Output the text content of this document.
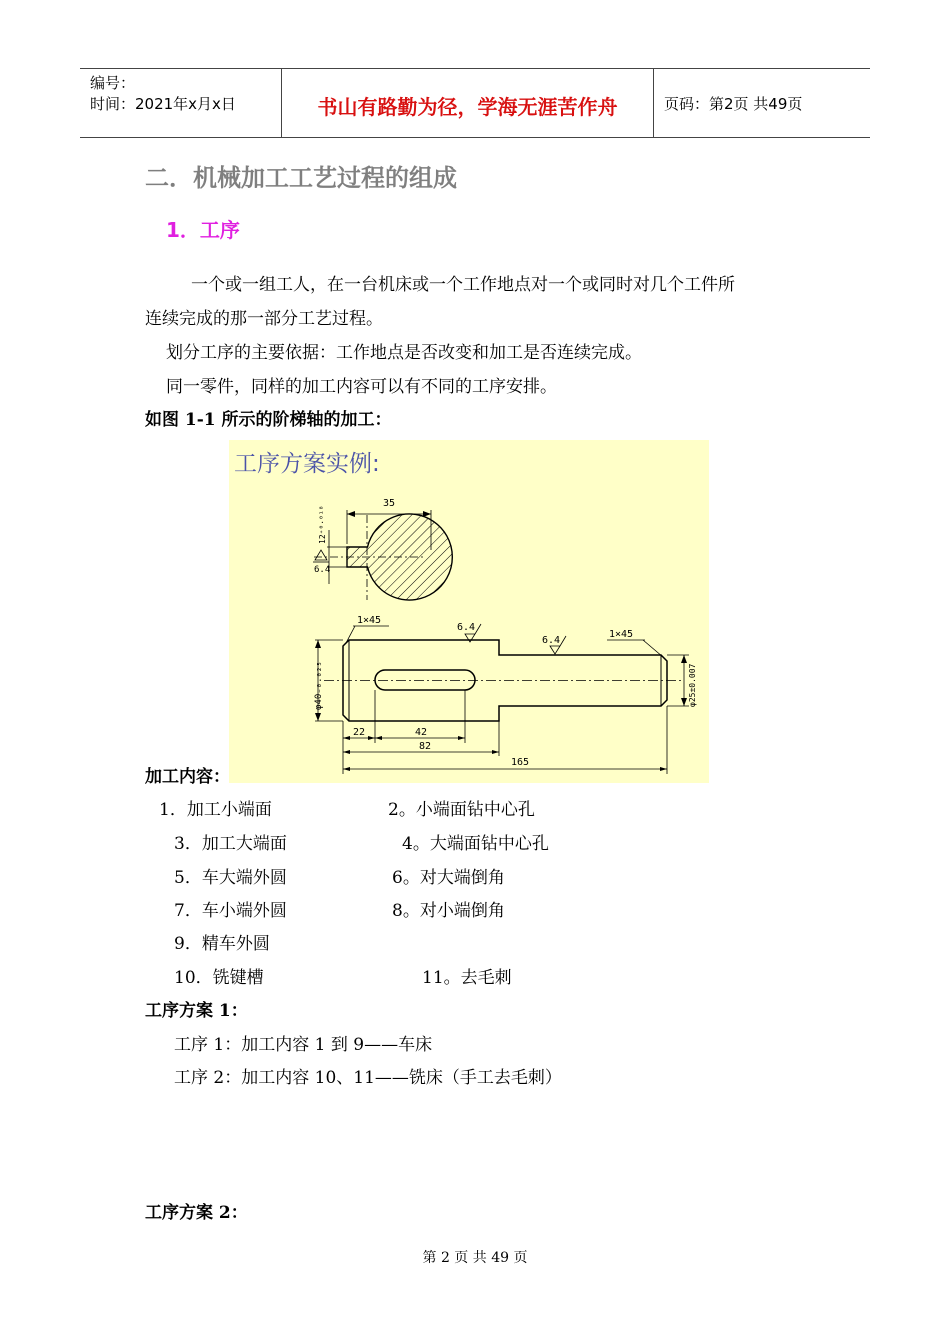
编号：
时间：2021年x月x日	书山有路勤为径，学海无涯苦作舟	页码：第2页 共49页
二．机械加工工艺过程的组成
1．工序
一个或一组工人，在一台机床或一个工作地点对一个或同时对几个工件所
连续完成的那一部分工艺过程。
划分工序的主要依据：工作地点是否改变和加工是否连续完成。
同一零件，同样的加工内容可以有不同的工序安排。
如图 1-1 所示的阶梯轴的加工：
工序方案实例:
35
12⁺⁰·⁰¹⁸
6.4
φ40₋₀.₀₂₅	φ25±0.007
1×45
1×45
6.4
6.4
22	42
82
165
加工内容：
1．加工小端面	2。小端面钻中心孔
3．加工大端面	4。大端面钻中心孔
5．车大端外圆	6。对大端倒角
7．车小端外圆	8。对小端倒角
9．精车外圆
10．铣键槽	11。去毛刺
工序方案 1：
工序 1：加工内容 1 到 9——车床
工序 2：加工内容 10、11——铣床（手工去毛刺）
工序方案 2：
第 2 页 共 49 页
